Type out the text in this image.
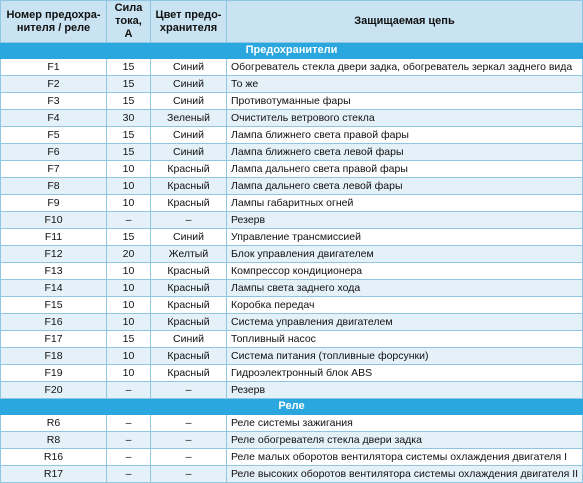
Номер предохра-нителя / реле	Сила тока, А	Цвет предо-хранителя	Защищаемая цепь
Предохранители			
F1	15	Синий	Обогреватель стекла двери задка, обогреватель зеркал заднего вида
F2	15	Синий	То же
F3	15	Синий	Противотуманные фары
F4	30	Зеленый	Очиститель ветрового стекла
F5	15	Синий	Лампа ближнего света правой фары
F6	15	Синий	Лампа ближнего света левой фары
F7	10	Красный	Лампа дальнего света правой фары
F8	10	Красный	Лампа дальнего света левой фары
F9	10	Красный	Лампы габаритных огней
F10	–	–	Резерв
F11	15	Синий	Управление трансмиссией
F12	20	Желтый	Блок управления двигателем
F13	10	Красный	Компрессор кондиционера
F14	10	Красный	Лампы света заднего хода
F15	10	Красный	Коробка передач
F16	10	Красный	Система управления двигателем
F17	15	Синий	Топливный насос
F18	10	Красный	Система питания (топливные форсунки)
F19	10	Красный	Гидроэлектронный блок ABS
F20	–	–	Резерв
Реле			
R6	–	–	Реле системы зажигания
R8	–	–	Реле обогревателя стекла двери задка
R16	–	–	Реле малых оборотов вентилятора системы охлаждения двигателя I
R17	–	–	Реле высоких оборотов вентилятора системы охлаждения двигателя II
